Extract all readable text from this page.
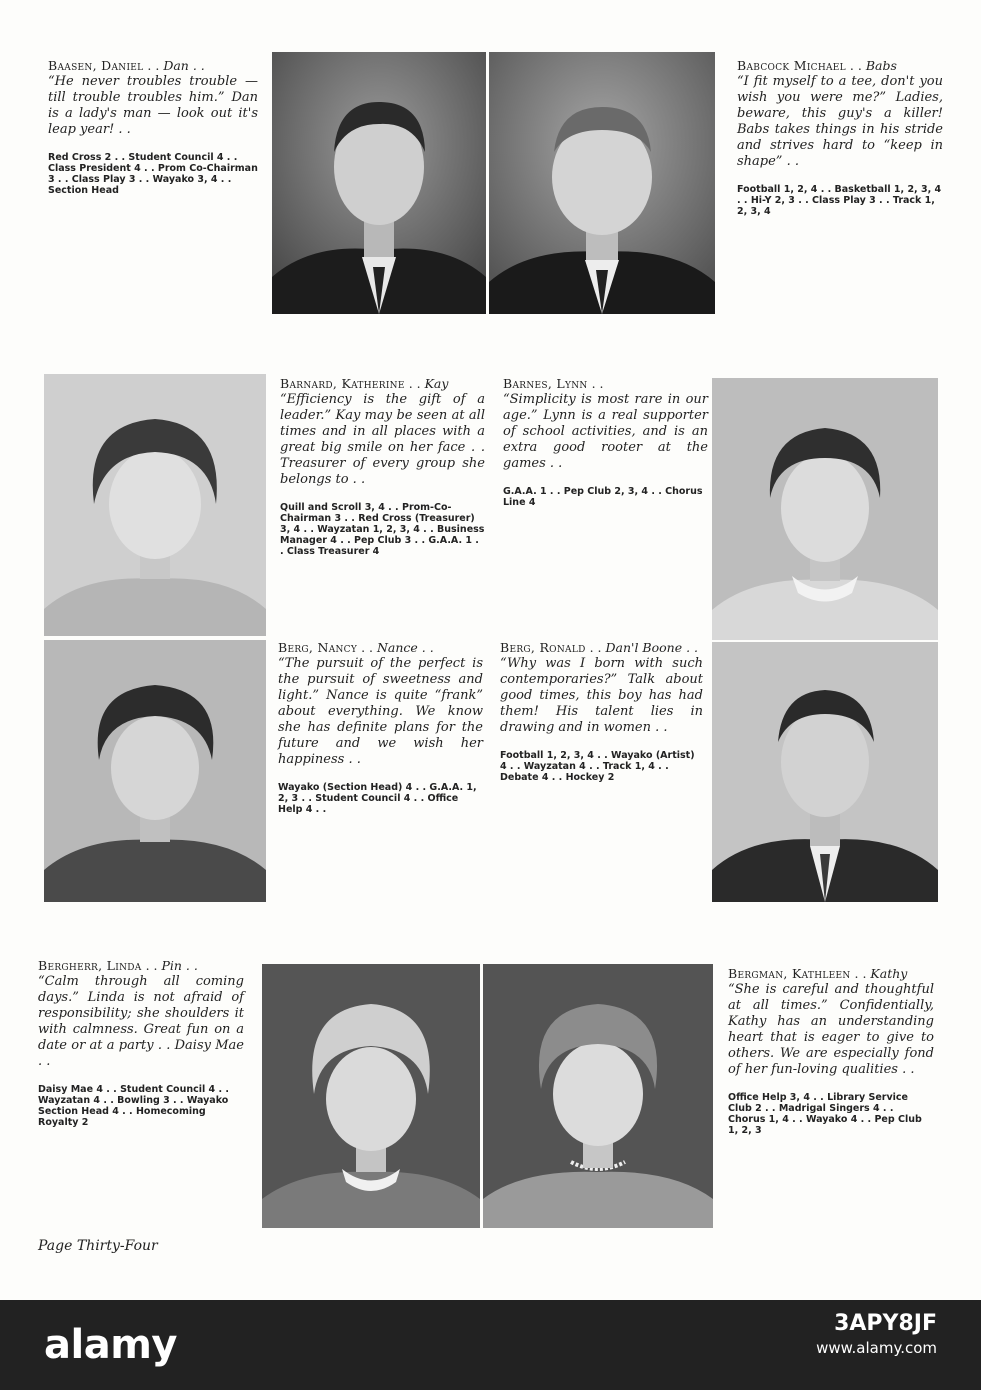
Baasen, Daniel . . Dan . .
“He never troubles trouble —till trouble troubles him.” Dan is a lady's man — look out it's leap year! . .
Red Cross 2 . . Student Council 4 . . Class President 4 . . Prom Co-Chairman 3 . . Class Play 3 . . Wayako 3, 4 . . Section Head
Babcock Michael . . Babs
“I fit myself to a tee, don't you wish you were me?” Ladies, beware, this guy's a killer! Babs takes things in his stride and strives hard to “keep in shape” . .
Football 1, 2, 4 . . Basketball 1, 2, 3, 4 . . Hi-Y 2, 3 . . Class Play 3 . . Track 1, 2, 3, 4
Barnard, Katherine . . Kay
“Efficiency is the gift of a leader.” Kay may be seen at all times and in all places with a great big smile on her face . . Treasurer of every group she belongs to . .
Quill and Scroll 3, 4 . . Prom-Co-Chairman 3 . . Red Cross (Treasurer) 3, 4 . . Wayzatan 1, 2, 3, 4 . . Business Manager 4 . . Pep Club 3 . . G.A.A. 1 . . Class Treasurer 4
Barnes, Lynn . .
“Simplicity is most rare in our age.” Lynn is a real supporter of school activities, and is an extra good rooter at the games . .
G.A.A. 1 . . Pep Club 2, 3, 4 . . Chorus Line 4
Berg, Nancy . . Nance . .
“The pursuit of the perfect is the pursuit of sweetness and light.” Nance is quite “frank” about everything. We know she has definite plans for the future and we wish her happiness . .
Wayako (Section Head) 4 . . G.A.A. 1, 2, 3 . . Student Council 4 . . Office Help 4 . .
Berg, Ronald . . Dan'l Boone . .
“Why was I born with such contemporaries?” Talk about good times, this boy has had them! His talent lies in drawing and in women . .
Football 1, 2, 3, 4 . . Wayako (Artist) 4 . . Wayzatan 4 . . Track 1, 4 . . Debate 4 . . Hockey 2
Bergherr, Linda . . Pin . .
“Calm through all coming days.” Linda is not afraid of responsibility; she shoulders it with calmness. Great fun on a date or at a party . . Daisy Mae . .
Daisy Mae 4 . . Student Council 4 . . Wayzatan 4 . . Bowling 3 . . Wayako Section Head 4 . . Homecoming Royalty 2
Bergman, Kathleen . . Kathy
“She is careful and thoughtful at all times.” Confidentially, Kathy has an understanding heart that is eager to give to others. We are especially fond of her fun-loving qualities . .
Office Help 3, 4 . . Library Service Club 2 . . Madrigal Singers 4 . . Chorus 1, 4 . . Wayako 4 . . Pep Club 1, 2, 3
Page Thirty-Four
alamy	3APY8JF
www.alamy.com
